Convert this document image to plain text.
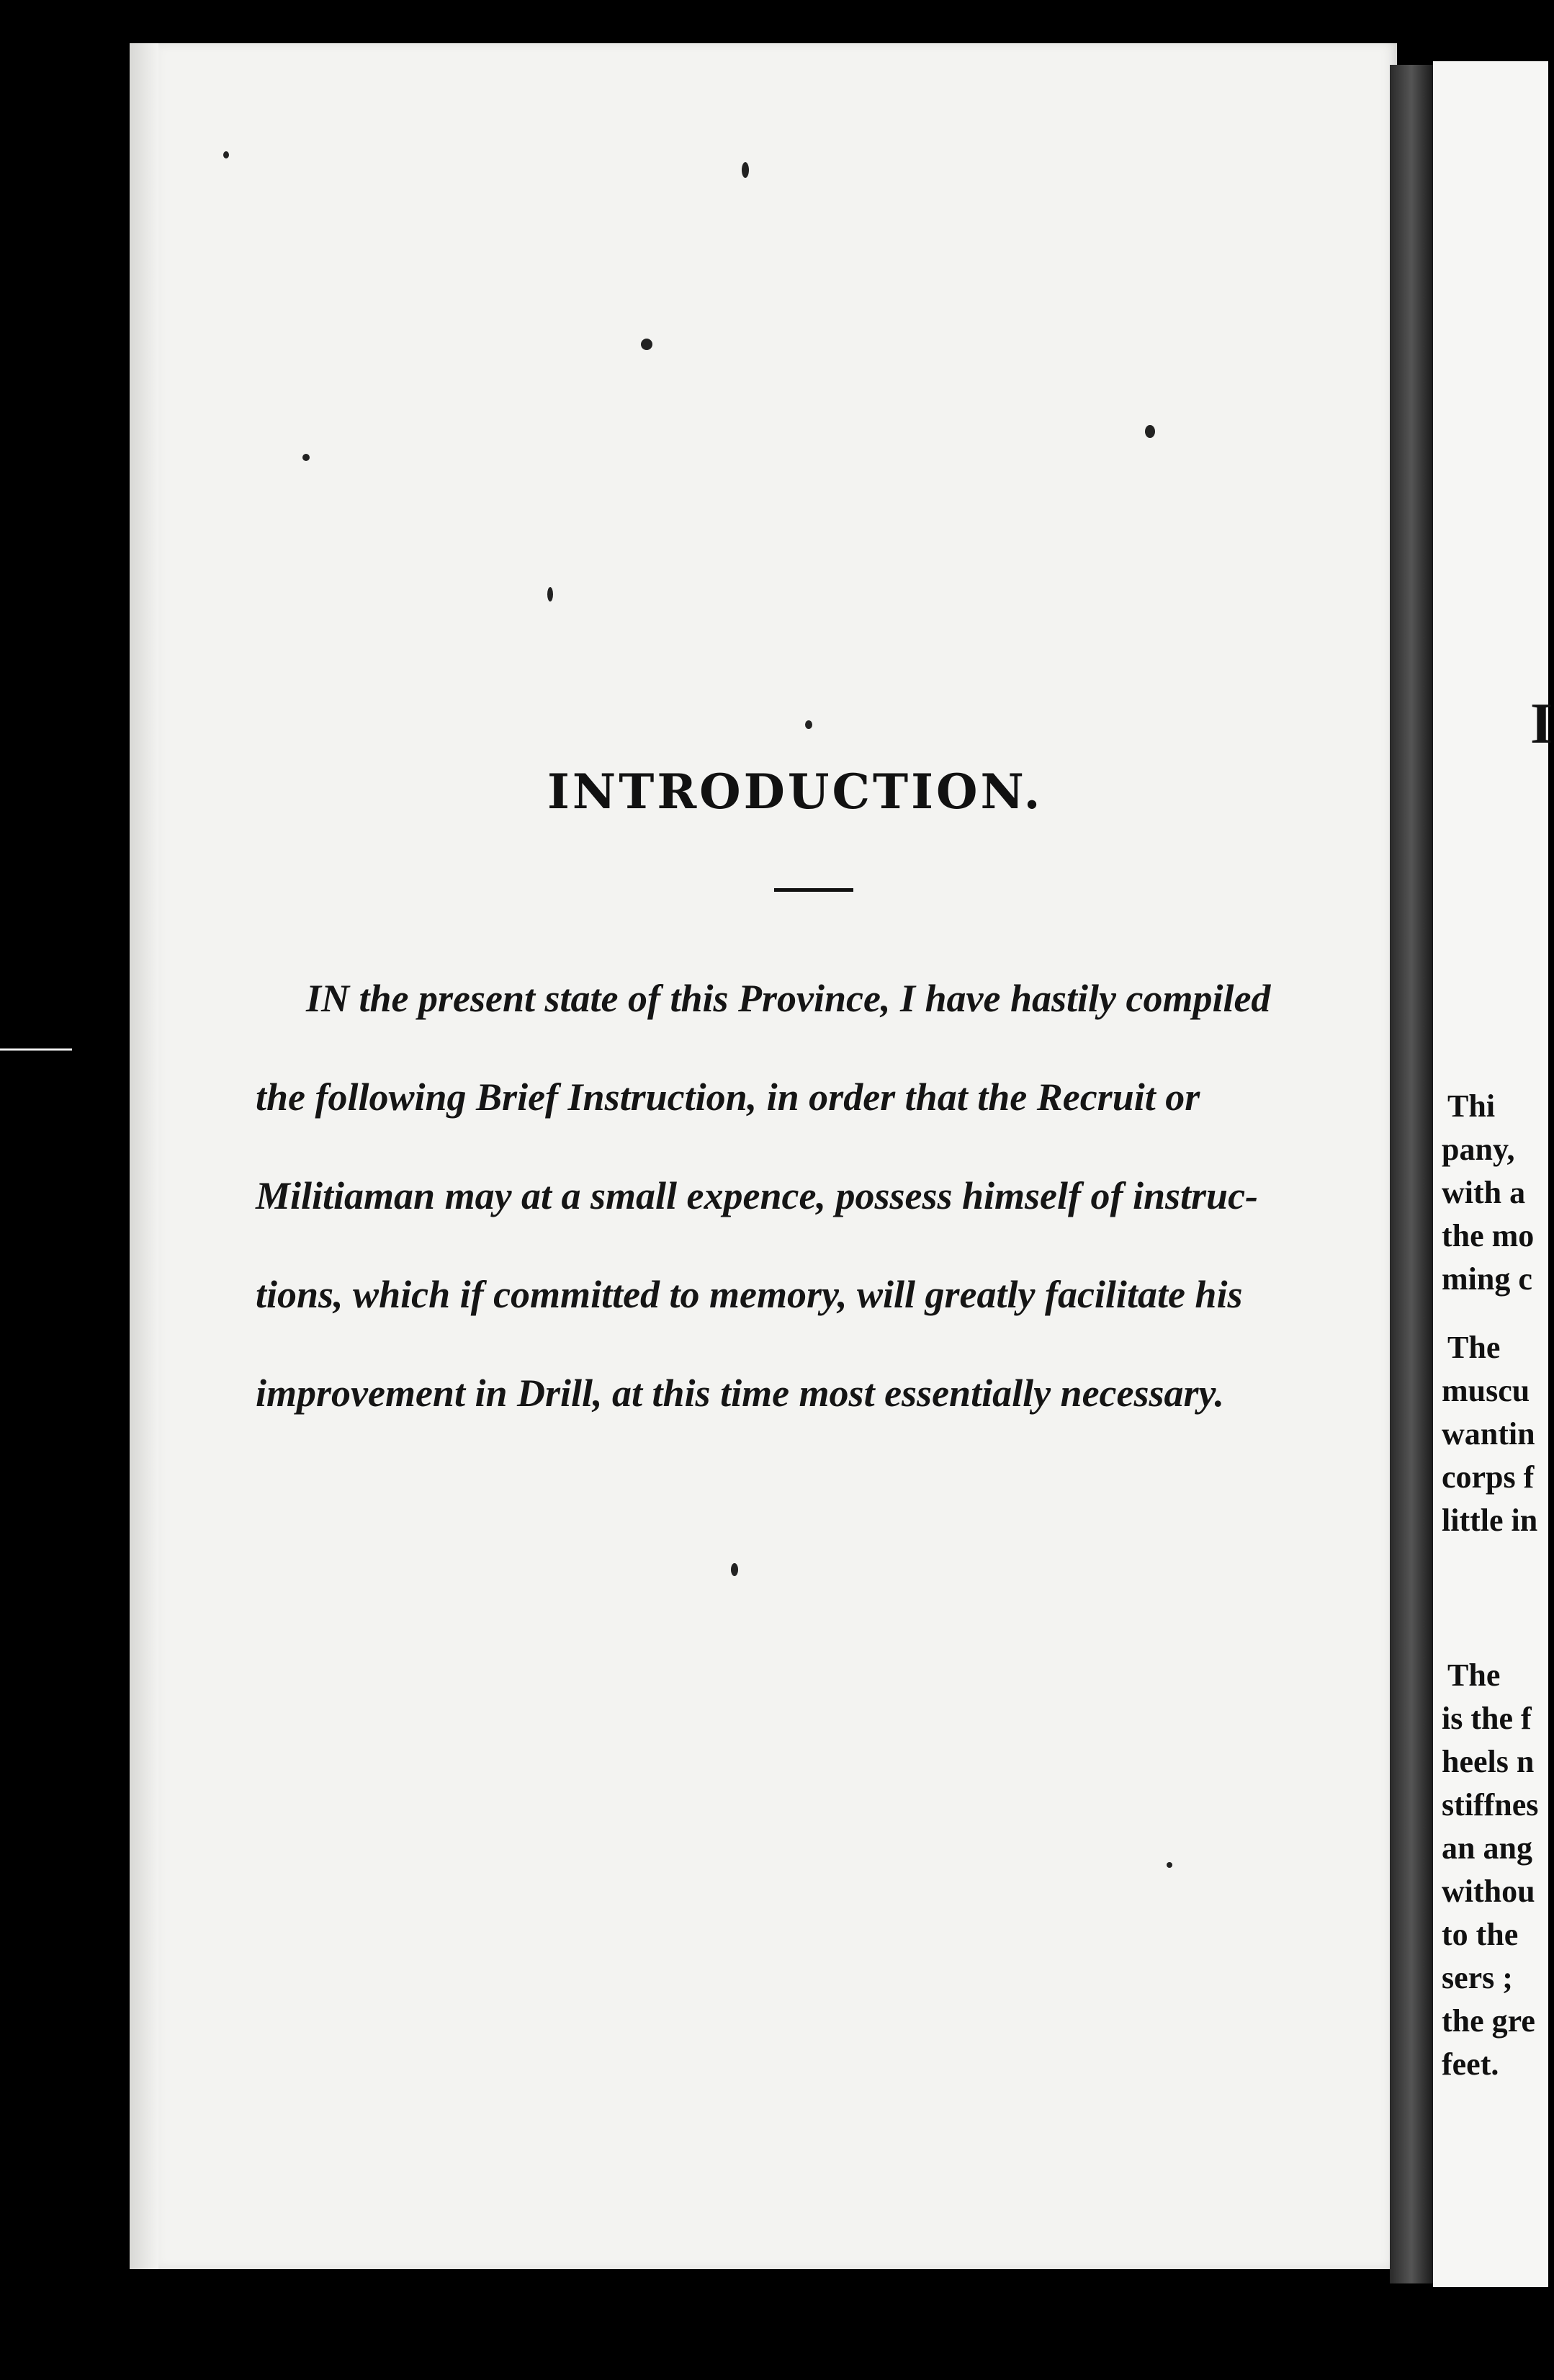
INTRODUCTION.
IN the present state of this Province, I have hastily compiled
the following Brief Instruction, in order that the Recruit or
Militiaman may at a small expence, possess himself of instruc-
tions, which if committed to memory, will greatly facilitate his
improvement in Drill, at this time most essentially necessary.
I
Thi
pany,
with a
the mo
ming c
The
muscu
wantin
corps f
little in
The
is the f
heels n
stiffnes
an ang
withou
to the
sers ;
the gre
feet.
